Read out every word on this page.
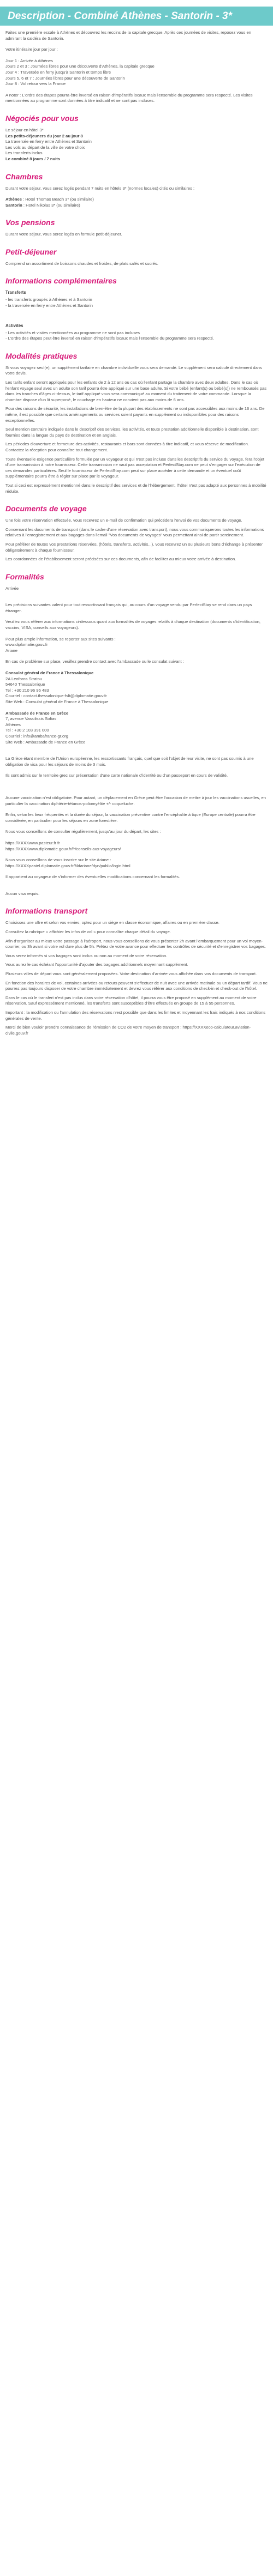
Description - Combiné Athènes - Santorin - 3*

Faites une première escale à Athènes et découvrez les reccins de la capitale grecque. Après ces journées de visites, reposez vous en admirant la caldéra de Santorin.

Votre itinéraire jour par jour :

Jour 1 : Arrivée à Athènes
Jours 2 et 3 : Journées libres pour une découverte d'Athènes, la capitale grecque
Jour 4 : Traversée en ferry jusqu'à Santorin et temps libre
Jours 5, 6 et 7 : Journées libres pour une découverte de Santorin
Jour 8 : Vol retour vers la France

A noter : L'ordre des étapes pourra être inversé en raison d'impératifs locaux mais l'ensemble du programme sera respecté. Les visites mentionnées au programme sont données à titre indicatif et ne sont pas incluses.

Négociés pour vous

Le séjour en hôtel 3*
Les petits-déjeuners du jour 2 au jour 8
La traversée en ferry entre Athènes et Santorin
Les vols au départ de la ville de votre choix
Les transferts inclus
Le combiné 8 jours / 7 nuits

Chambres

Durant votre séjour, vous serez logés pendant 7 nuits en hôtels 3* (normes locales) cités ou similaires :

Athènes : Hotel Thomas Beach 3* (ou similaire)
Santorin : Hotel Nikolas 3* (ou similaire)

Vos pensions

Durant votre séjour, vous serez logés en formule petit-déjeuner.

Petit-déjeuner

Comprend un assortiment de boissons chaudes et froides, de plats salés et sucrés.

Informations complémentaires
Transferts

- les transferts groupés à Athènes et à Santorin
- la traversée en ferry entre Athènes et Santorin

Activités

- Les activités et visites mentionnées au programme ne sont pas incluses
- L'ordre des étapes peut être inversé en raison d'impératifs locaux mais l'ensemble du programme sera respecté.

Modalités pratiques

Si vous voyagez seul(e), un supplément tarifaire en chambre individuelle vous sera demandé. Le supplément sera calculé directement dans votre devis.

Les tarifs enfant seront appliqués pour les enfants de 2 à 12 ans ou cas où l'enfant partage la chambre avec deux adultes. Dans le cas où l'enfant voyage seul avec un adulte son tarif pourra être appliqué sur une base adulte. Si votre bébé (enfant(s) ou bébé(s)) ne remboursés pas dans les tranches d'âges ci-dessus, le tarif appliqué vous sera communiqué au moment du traitement de votre commande. Lorsque la chambre dispose d'un lit superposé, le couchage en hauteur ne convient pas aux moins de 6 ans.

Pour des raisons de sécurité, les installations de bien-être de la plupart des établissements ne sont pas accessibles aux moins de 16 ans. De même, il est possible que certains aménagements ou services soient payants en supplément ou indisponibles pour des raisons exceptionnelles.

Seul mention contraire indiquée dans le descriptif des services, les activités, et toute prestation additionnelle disponible à destination, sont fournies dans la langue du pays de destination et en anglais.

Les périodes d'ouverture et fermeture des activités, restaurants et bars sont données à titre indicatif, et vous réserve de modification. Contactez la réception pour connaître tout changement.

Toute éventuelle exigence particulière formulée par un voyageur et qui n'est pas incluse dans les descriptifs du service du voyage, fera l'objet d'une transmission à notre fournisseur. Cette transmission ne vaut pas acceptation et PerfectStay.com ne peut s'engager sur l'exécution de ces demandes particulières. Seul le fournisseur de PerfectStay.com peut sur place accéder à cette demande et un éventuel coût supplémentaire pourra être à régler sur place par le voyageur.

Tout si ceci est expressément mentionné dans le descriptif des services et de l'hébergement, l'hôtel n'est pas adapté aux personnes à mobilité réduite.

Documents de voyage

Une fois votre réservation effectuée, vous recevrez un e-mail de confirmation qui précédera l'envoi de vos documents de voyage.

Concernant les documents de transport (dans le cadre d'une réservation avec transport), nous vous communiquerons toutes les informations relatives à l'enregistrement et aux bagages dans l'email "Vos documents de voyages" vous permettant ainsi de partir sereinement.

Pour préférer de toutes vos prestations réservées, (hôtels, transferts, activités...), vous recevrez un ou plusieurs bons d'échange à présenter obligatoirement à chaque fournisseur.

Les coordonnées de l'établissement seront précisées sur ces documents, afin de faciliter au mieux votre arrivée à destination.

Formalités

Arrivée

Les précisions suivantes valent pour tout ressortissant français qui, au cours d'un voyage vendu par PerfectStay se rend dans un pays étranger.

Veuillez vous référer aux informations ci-dessous quant aux formalités de voyages relatifs à chaque destination (documents d'identification, vaccins, VISA, conseils aux voyageurs).

Pour plus ample information, se reporter aux sites suivants :
www.diplomatie.gouv.fr
Ariane

En cas de problème sur place, veuillez prendre contact avec l'ambassade ou le consulat suivant :

Consulat général de France à Thessalonique
2A Leoforos Stratou
54640 Thessalonique
Tel : +30 210 96 96 483
Courriel : contact.thessalonique-fslt@diplomatie.gouv.fr
Site Web : Consulat général de France à Thessalonique

Ambassade de France en Grèce
7, avenue Vassilissis Sofias
Athènes
Tel : +30 2 103 391 000
Courriel : info@ambafrance-gr.org
Site Web : Ambassade de France en Grèce

La Grèce étant membre de l'Union européenne, les ressortissants français, quel que soit l'objet de leur visite, ne sont pas soumis à une obligation de visa pour les séjours de moins de 3 mois.

Ils sont admis sur le territoire grec sur présentation d'une carte nationale d'identité ou d'un passeport en cours de validité.

Aucune vaccination n'est obligatoire. Pour autant, un déplacement en Grèce peut être l'occasion de mettre à jour les vaccinations usuelles, en particulier la vaccination diphtérie-tétanos-poliomyélite +/- coqueluche.

Enfin, selon les lieux fréquentés et la durée du séjour, la vaccination préventive contre l'encéphalite à tique (Europe centrale) pourra être considérée, en particulier pour les séjours en zone forestière.

Nous vous conseillons de consulter régulièrement, jusqu'au jour du départ, les sites :

https://XXXXwww.pasteur.fr fr
https://XXXXwww.diplomatie.gouv.fr/fr/conseils-aux-voyageurs/

Nous vous conseillons de vous inscrire sur le site Ariane :
https://XXXXpastel.diplomatie.gouv.fr/fildariane/dyn/public/login.html

Il appartient au voyageur de s'informer des éventuelles modifications concernant les formalités.

Aucun visa requis.

Informations transport

Choisissez une offre et selon vos envies, optez pour un siège en classe économique, affaires ou en première classe.

Consultez la rubrique « affichier les infos de vol » pour connaître chaque détail du voyage.

Afin d'organiser au mieux votre passage à l'aéroport, nous vous conseillons de vous présenter 2h avant l'embarquement pour un vol moyen-courrier, ou 3h avant si votre vol dure plus de 5h. Prêtez de votre avance pour effectuer les contrôles de sécurité et d'enregistrer vos bagages.

Vous serez informés si vos bagages sont inclus ou non au moment de votre réservation.

Vous aurez le cas échéant l'opportunité d'ajouter des bagages additionnels moyennant supplément.

Plusieurs villes de départ vous sont généralement proposées. Votre destination d'arrivée vous affichée dans vos documents de transport.

En fonction des horaires de vol, certaines arrivées ou retours peuvent s'effectuer de nuit avec une arrivée matinale ou un départ tardif. Vous ne pourrez pas toujours disposer de votre chambre immédiatement et devrez vous référer aux conditions de check-in et check-out de l'hôtel.

Dans le cas où le transfert n'est pas inclus dans votre réservation d'hôtel, il pourra vous être proposé en supplément au moment de votre réservation. Sauf expressément mentionné, les transferts sont susceptibles d'être effectués en groupe de 15 à 55 personnes.

Important : la modification ou l'annulation des réservations n'est possible que dans les limites et moyennant les frais indiqués à nos conditions générales de vente.

Merci de bien vouloir prendre connaissance de l'émission de CO2 de votre moyen de transport : https://XXXXeco-calculateur.aviation-civile.gouv.fr
